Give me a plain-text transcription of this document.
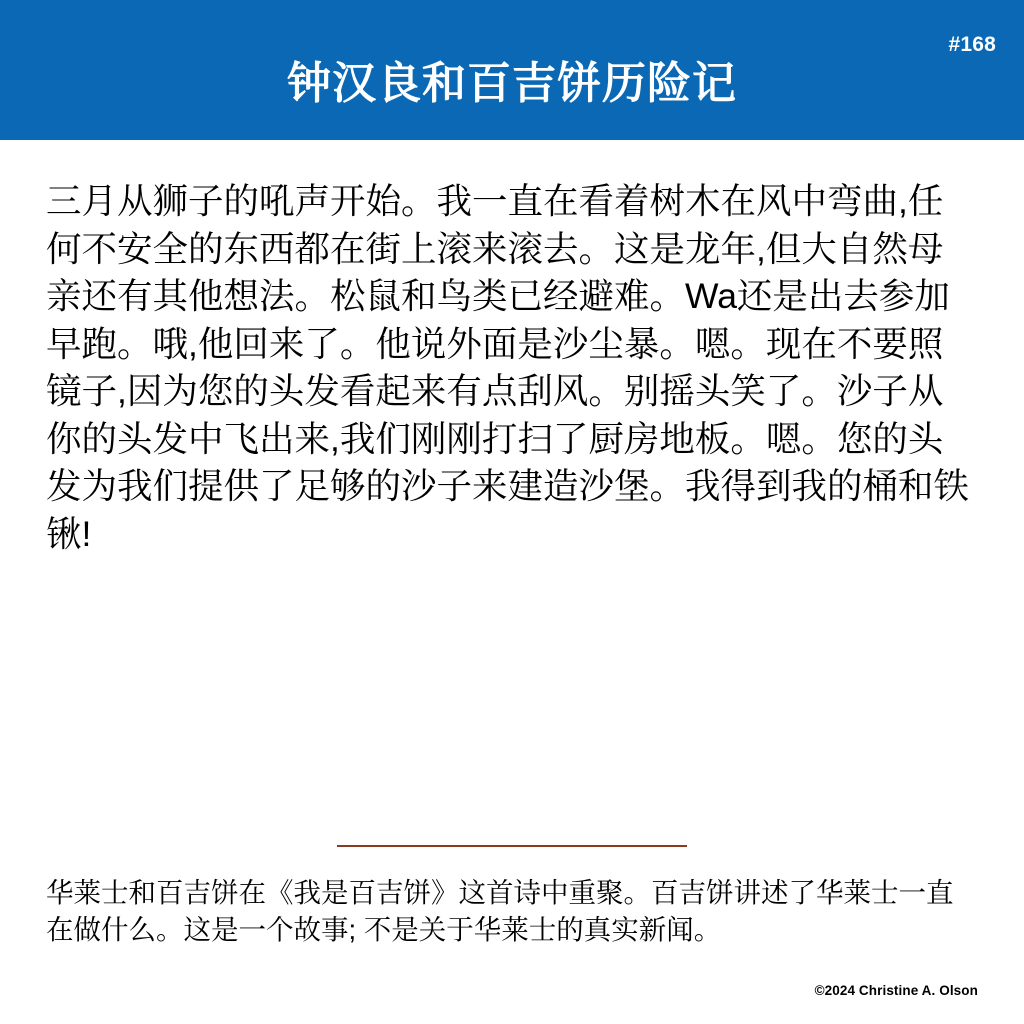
#168
钟汉良和百吉饼历险记
三月从狮子的吼声开始。我一直在看着树木在风中弯曲,任何不安全的东西都在街上滚来滚去。这是龙年,但大自然母亲还有其他想法。松鼠和鸟类已经避难。Wa还是出去参加早跑。哦,他回来了。他说外面是沙尘暴。嗯。现在不要照镜子,因为您的头发看起来有点刮风。别摇头笑了。沙子从你的头发中飞出来,我们刚刚打扫了厨房地板。嗯。您的头发为我们提供了足够的沙子来建造沙堡。我得到我的桶和铁锹!
华莱士和百吉饼在《我是百吉饼》这首诗中重聚。百吉饼讲述了华莱士一直在做什么。这是一个故事; 不是关于华莱士的真实新闻。
©2024 Christine A. Olson
